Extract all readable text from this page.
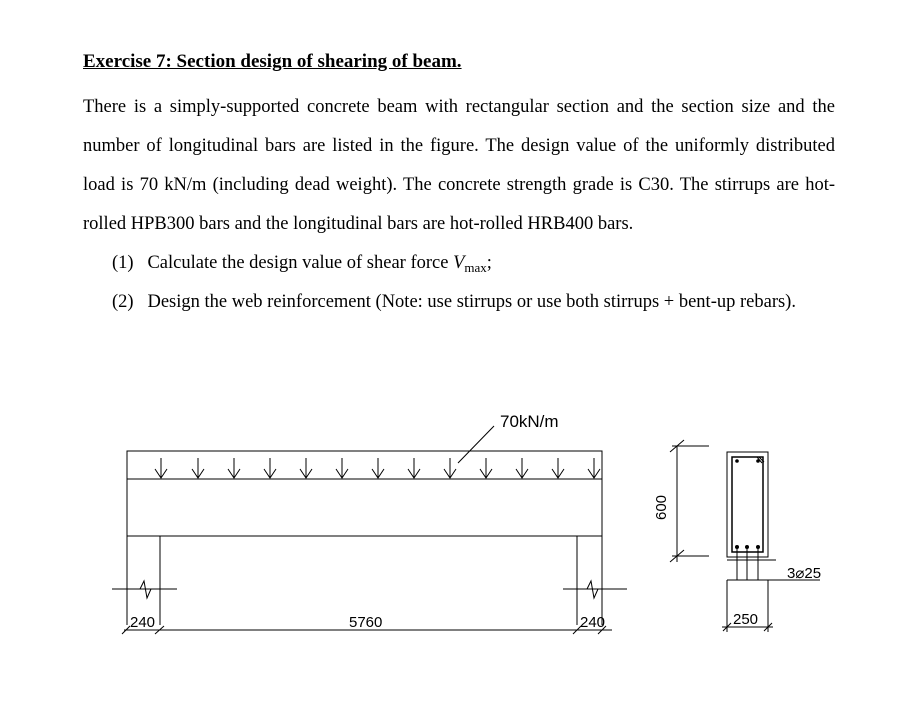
Exercise 7: Section design of shearing of beam.

There is a simply-supported concrete beam with rectangular section and the section size and the number of longitudinal bars are listed in the figure. The design value of the uniformly distributed load is 70 kN/m (including dead weight). The concrete strength grade is C30. The stirrups are hot-rolled HPB300 bars and the longitudinal bars are hot-rolled HRB400 bars.

(1) Calculate the design value of shear force $V_{max}$;

(2) Design the web reinforcement (Note: use stirrups or use both stirrups + bent-up rebars).

70kN/m
240	5760	240
600
3⌀25
250
